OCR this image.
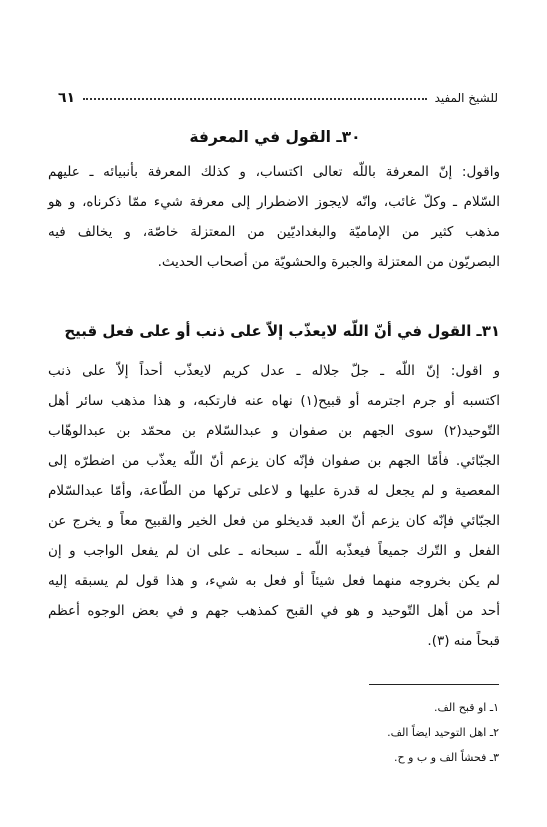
للشيخ المفيد
٦١
٣٠ـ القول في المعرفة
واقول: إنّ المعرفة باللّه تعالى اكتساب، و كذلك المعرفة بأنبيائه ـ عليهم
السّلام ـ وكلّ غائب، وانّه لايجوز الاضطرار إلى معرفة شيء ممّا ذكرناه، و هو
مذهب كثير من الإماميّة والبغداديّين من المعتزلة خاصّة، و يخالف فيه
البصريّون من المعتزلة والجبرة والحشويّة من أصحاب الحديث.
٣١ـ القول في أنّ اللّه لايعذّب إلاّ على ذنب أو على فعل قبيح
و اقول: إنّ اللّه ـ جلّ جلاله ـ عدل كريم لايعذّب أحداً إلاّ على ذنب
اكتسبه أو جرم اجترمه أو قبيح(١) نهاه عنه فارتكبه، و هذا مذهب سائر أهل
التّوحيد(٢) سوى الجهم بن صفوان و عبدالسّلام بن محمّد بن عبدالوهّاب
الجبّائي. فأمّا الجهم بن صفوان فإنّه كان يزعم أنّ اللّه يعذّب من اضطرّه إلى
المعصية و لم يجعل له قدرة عليها و لاعلى تركها من الطّاعة، وأمّا عبدالسّلام
الجبّائي فإنّه كان يزعم أنّ العبد قديخلو من فعل الخير والقبيح معاً و يخرج عن
الفعل و التّرك جميعاً فيعذّبه اللّه ـ سبحانه ـ على ان لم يفعل الواجب و إن
لم يكن بخروجه منهما فعل شيئاً أو فعل به شيء، و هذا قول لم يسبقه إليه
أحد من أهل التّوحيد و هو في القبح كمذهب جهم و في بعض الوجوه أعظم
قبحاً منه (٣).
١ـ او قبح الف.
٢ـ اهل التوحيد ايضاً الف.
٣ـ فحشاً الف و ب و ح.
